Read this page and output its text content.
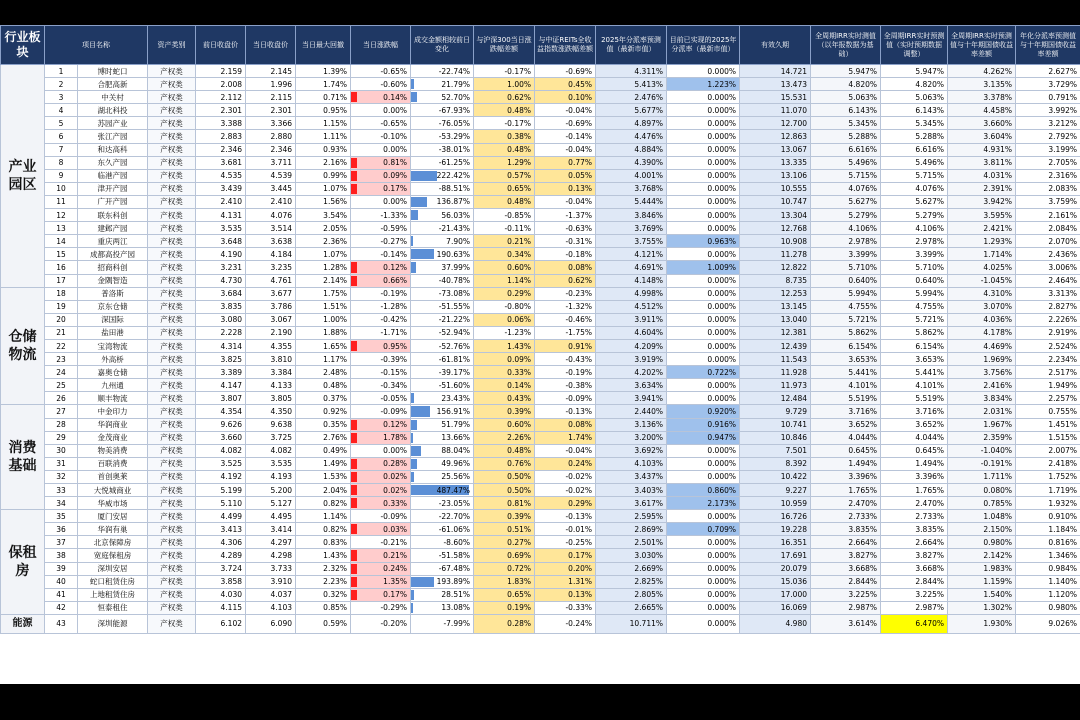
行业板块	项目名称		资产类别	前日收盘价	当日收盘价	当日最大回撤	当日涨跌幅	成交金额相较前日变化	与沪深300当日涨跌幅差额	与中证REITs全收益指数涨跌幅差额	2025年分派率预测值（最新市值）	目前已实现的2025年分派率（最新市值）	有效久期	全周期IRR实时测值（以年报数据为基础）	全周期IRR实时预测值（实时预期数据调整）	全周期IRR实时预测值与十年期国债收益率差额	年化分派率预测值与十年期国债收益率差额
产业园区	1	博时蛇口	产权类	2.159	2.145	1.39%	-0.65%	-22.74%	-0.17%	-0.69%	4.311%	0.000%	14.721	5.947%	5.947%	4.262%	2.627%
	2	合肥高新	产权类	2.008	1.996	1.74%	-0.60%	21.79%	1.00%	0.45%	5.413%	1.223%	13.473	4.820%	4.820%	3.135%	3.729%
	3	中关村	产权类	2.112	2.115	0.71%	0.14%	52.70%	0.62%	0.10%	2.476%	0.000%	15.531	5.063%	5.063%	3.378%	0.791%
	4	湖北科投	产权类	2.301	2.301	0.95%	0.00%	-67.93%	0.48%	-0.04%	5.677%	0.000%	11.070	6.143%	6.143%	4.458%	3.992%
	5	苏园产业	产权类	3.388	3.366	1.15%	-0.65%	-76.05%	-0.17%	-0.69%	4.897%	0.000%	12.700	5.345%	5.345%	3.660%	3.212%
	6	张江产园	产权类	2.883	2.880	1.11%	-0.10%	-53.29%	0.38%	-0.14%	4.476%	0.000%	12.863	5.288%	5.288%	3.604%	2.792%
	7	和达高科	产权类	2.346	2.346	0.93%	0.00%	-38.01%	0.48%	-0.04%	4.884%	0.000%	13.067	6.616%	6.616%	4.931%	3.199%
	8	东久产园	产权类	3.681	3.711	2.16%	0.81%	-61.25%	1.29%	0.77%	4.390%	0.000%	13.335	5.496%	5.496%	3.811%	2.705%
	9	临港产园	产权类	4.535	4.539	0.99%	0.09%	222.42%	0.57%	0.05%	4.001%	0.000%	13.106	5.715%	5.715%	4.031%	2.316%
	10	津开产园	产权类	3.439	3.445	1.07%	0.17%	-88.51%	0.65%	0.13%	3.768%	0.000%	10.555	4.076%	4.076%	2.391%	2.083%
	11	广开产园	产权类	2.410	2.410	1.56%	0.00%	136.87%	0.48%	-0.04%	5.444%	0.000%	10.747	5.627%	5.627%	3.942%	3.759%
	12	联东科创	产权类	4.131	4.076	3.54%	-1.33%	56.03%	-0.85%	-1.37%	3.846%	0.000%	13.304	5.279%	5.279%	3.595%	2.161%
	13	建邺产园	产权类	3.535	3.514	2.05%	-0.59%	-21.43%	-0.11%	-0.63%	3.769%	0.000%	12.768	4.106%	4.106%	2.421%	2.084%
	14	重庆两江	产权类	3.648	3.638	2.36%	-0.27%	7.90%	0.21%	-0.31%	3.755%	0.963%	10.908	2.978%	2.978%	1.293%	2.070%
	15	成都高投产园	产权类	4.190	4.184	1.07%	-0.14%	190.63%	0.34%	-0.18%	4.121%	0.000%	11.278	3.399%	3.399%	1.714%	2.436%
	16	招商科创	产权类	3.231	3.235	1.28%	0.12%	37.99%	0.60%	0.08%	4.691%	1.009%	12.822	5.710%	5.710%	4.025%	3.006%
	17	金隅智造	产权类	4.730	4.761	2.14%	0.66%	-40.78%	1.14%	0.62%	4.148%	0.000%	8.735	0.640%	0.640%	-1.045%	2.464%
仓储物流	18	普洛斯	产权类	3.684	3.677	1.75%	-0.19%	-73.08%	0.29%	-0.23%	4.998%	0.000%	12.253	5.994%	5.994%	4.310%	3.313%
	19	京东仓储	产权类	3.835	3.786	1.51%	-1.28%	-51.55%	-0.80%	-1.32%	4.512%	0.000%	13.145	4.755%	4.755%	3.070%	2.827%
	20	深国际	产权类	3.080	3.067	1.00%	-0.42%	-21.22%	0.06%	-0.46%	3.911%	0.000%	13.040	5.721%	5.721%	4.036%	2.226%
	21	盐田港	产权类	2.228	2.190	1.88%	-1.71%	-52.94%	-1.23%	-1.75%	4.604%	0.000%	12.381	5.862%	5.862%	4.178%	2.919%
	22	宝湾物流	产权类	4.314	4.355	1.65%	0.95%	-52.76%	1.43%	0.91%	4.209%	0.000%	12.439	6.154%	6.154%	4.469%	2.524%
	23	外高桥	产权类	3.825	3.810	1.17%	-0.39%	-61.81%	0.09%	-0.43%	3.919%	0.000%	11.543	3.653%	3.653%	1.969%	2.234%
	24	嘉奥仓储	产权类	3.389	3.384	2.48%	-0.15%	-39.17%	0.33%	-0.19%	4.202%	0.722%	11.928	5.441%	5.441%	3.756%	2.517%
	25	九州通	产权类	4.147	4.133	0.48%	-0.34%	-51.60%	0.14%	-0.38%	3.634%	0.000%	11.973	4.101%	4.101%	2.416%	1.949%
	26	顺丰物流	产权类	3.807	3.805	0.37%	-0.05%	23.43%	0.43%	-0.09%	3.941%	0.000%	12.484	5.519%	5.519%	3.834%	2.257%
消费基础	27	中金印力	产权类	4.354	4.350	0.92%	-0.09%	156.91%	0.39%	-0.13%	2.440%	0.920%	9.729	3.716%	3.716%	2.031%	0.755%
	28	华润商业	产权类	9.626	9.638	0.35%	0.12%	51.79%	0.60%	0.08%	3.136%	0.916%	10.741	3.652%	3.652%	1.967%	1.451%
	29	金茂商业	产权类	3.660	3.725	2.76%	1.78%	13.66%	2.26%	1.74%	3.200%	0.947%	10.846	4.044%	4.044%	2.359%	1.515%
	30	物美消费	产权类	4.082	4.082	0.49%	0.00%	88.04%	0.48%	-0.04%	3.692%	0.000%	7.501	0.645%	0.645%	-1.040%	2.007%
	31	百联消费	产权类	3.525	3.535	1.49%	0.28%	49.96%	0.76%	0.24%	4.103%	0.000%	8.392	1.494%	1.494%	-0.191%	2.418%
	32	首创奥莱	产权类	4.192	4.193	1.53%	0.02%	25.56%	0.50%	-0.02%	3.437%	0.000%	10.422	3.396%	3.396%	1.711%	1.752%
	33	大悦城商业	产权类	5.199	5.200	2.04%	0.02%	487.47%	0.50%	-0.02%	3.403%	0.860%	9.227	1.765%	1.765%	0.080%	1.719%
	34	华威市场	产权类	5.110	5.127	0.82%	0.33%	-23.05%	0.81%	0.29%	3.617%	2.173%	10.959	2.470%	2.470%	0.785%	1.932%
保租房	35	厦门安居	产权类	4.499	4.495	1.14%	-0.09%	-22.70%	0.39%	-0.13%	2.595%	0.000%	16.726	2.733%	2.733%	1.048%	0.910%
	36	华润有巢	产权类	3.413	3.414	0.82%	0.03%	-61.06%	0.51%	-0.01%	2.869%	0.709%	19.228	3.835%	3.835%	2.150%	1.184%
	37	北京保障房	产权类	4.306	4.297	0.83%	-0.21%	-8.60%	0.27%	-0.25%	2.501%	0.000%	16.351	2.664%	2.664%	0.980%	0.816%
	38	宽庭保租房	产权类	4.289	4.298	1.43%	0.21%	-51.58%	0.69%	0.17%	3.030%	0.000%	17.691	3.827%	3.827%	2.142%	1.346%
	39	深圳安居	产权类	3.724	3.733	2.32%	0.24%	-67.48%	0.72%	0.20%	2.669%	0.000%	20.079	3.668%	3.668%	1.983%	0.984%
	40	蛇口租赁住房	产权类	3.858	3.910	2.23%	1.35%	193.89%	1.83%	1.31%	2.825%	0.000%	15.036	2.844%	2.844%	1.159%	1.140%
	41	上地租赁住房	产权类	4.030	4.037	0.32%	0.17%	28.51%	0.65%	0.13%	2.805%	0.000%	17.000	3.225%	3.225%	1.540%	1.120%
	42	恒泰租住	产权类	4.115	4.103	0.85%	-0.29%	13.08%	0.19%	-0.33%	2.665%	0.000%	16.069	2.987%	2.987%	1.302%	0.980%
能源	43	深圳能源	产权类	6.102	6.090	0.59%	-0.20%	-7.99%	0.28%	-0.24%	10.711%	0.000%	4.980	3.614%	6.470%	1.930%	9.026%
